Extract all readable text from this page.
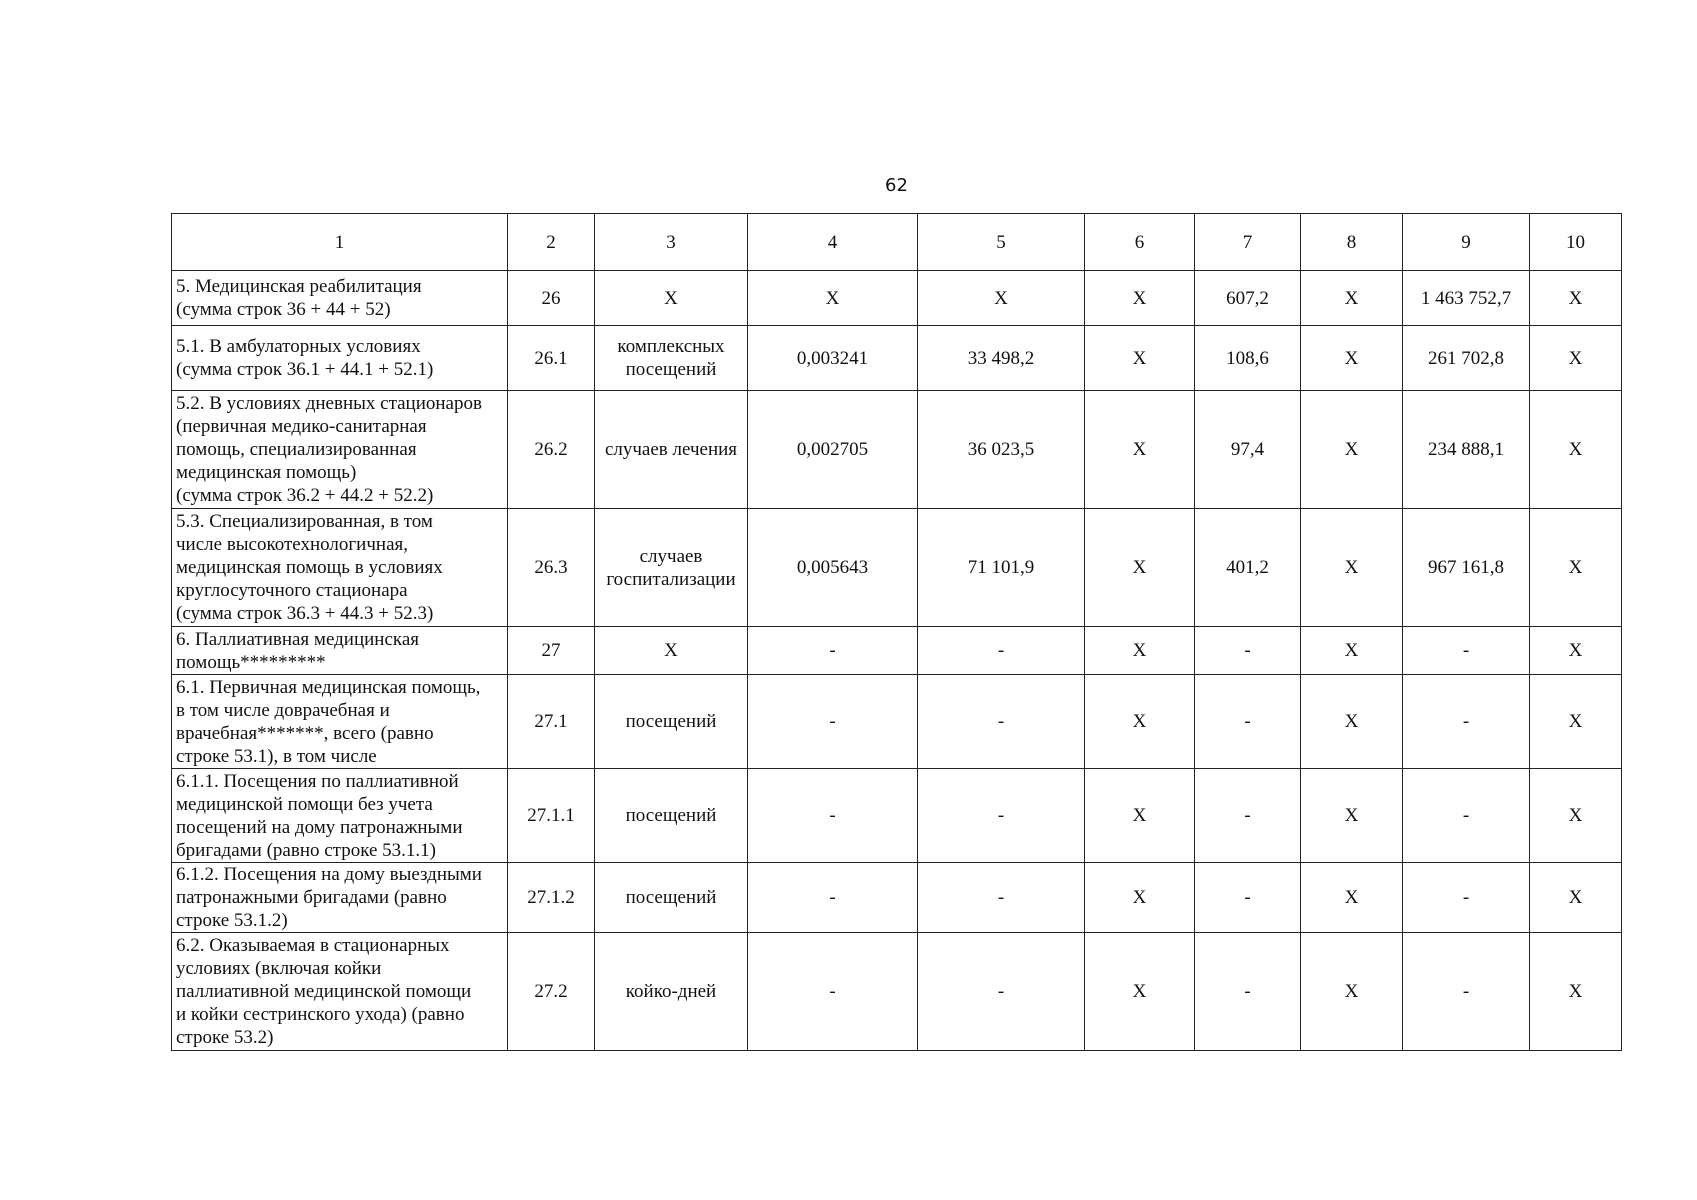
62
1	2	3	4	5	6	7	8	9	10
5. Медицинская реабилитация
(сумма строк 36 + 44 + 52)	26	Х	Х	Х	Х	607,2	Х	1 463 752,7	Х
5.1. В амбулаторных условиях
(сумма строк 36.1 + 44.1 + 52.1)	26.1	комплексных
посещений	0,003241	33 498,2	Х	108,6	Х	261 702,8	Х
5.2. В условиях дневных стационаров
(первичная медико-санитарная
помощь, специализированная
медицинская помощь)
(сумма строк 36.2 + 44.2 + 52.2)	26.2	случаев лечения	0,002705	36 023,5	Х	97,4	Х	234 888,1	Х
5.3. Специализированная, в том
числе высокотехнологичная,
медицинская помощь в условиях
круглосуточного стационара
(сумма строк 36.3 + 44.3 + 52.3)	26.3	случаев
госпитализации	0,005643	71 101,9	Х	401,2	Х	967 161,8	Х
6. Паллиативная медицинская
помощь*********	27	Х	-	-	Х	-	Х	-	Х
6.1. Первичная медицинская помощь,
в том числе доврачебная и
врачебная*******, всего (равно
строке 53.1), в том числе	27.1	посещений	-	-	Х	-	Х	-	Х
6.1.1. Посещения по паллиативной
медицинской помощи без учета
посещений на дому патронажными
бригадами (равно строке 53.1.1)	27.1.1	посещений	-	-	Х	-	Х	-	Х
6.1.2. Посещения на дому выездными
патронажными бригадами (равно
строке 53.1.2)	27.1.2	посещений	-	-	Х	-	Х	-	Х
6.2. Оказываемая в стационарных
условиях (включая койки
паллиативной медицинской помощи
и койки сестринского ухода) (равно
строке 53.2)	27.2	койко-дней	-	-	Х	-	Х	-	Х
